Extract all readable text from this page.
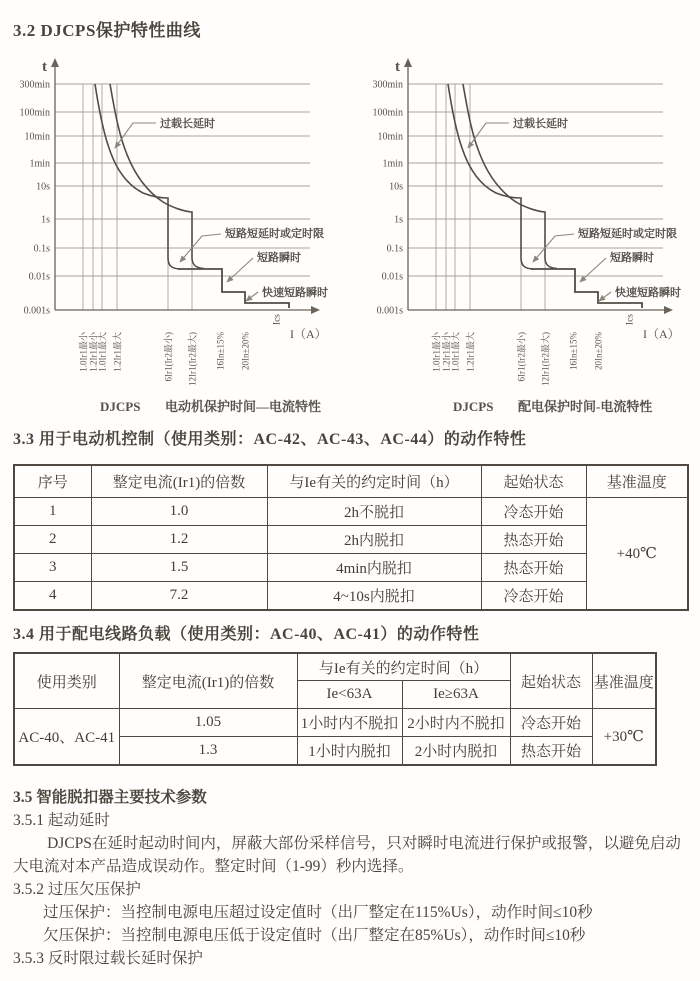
3.2 DJCPS保护特性曲线
t
I（A）
300min
100min
10min
1min
10s
1s
0.1s
0.01s
0.001s
1.0Ir1最小 1.2Ir1最小 1.0Ir1最大 1.2Ir1最大	6Ir1(Ir2最小) 12Ir1(Ir2最大) 16In±15% 20In±20%
Ics
过载长延时
短路短延时或定时限
短路瞬时
快速短路瞬时
DJCPS 电动机保护时间—电流特性
t
I（A）
300min
100min
10min
1min
10s
1s
0.1s
0.01s
0.001s
1.0Ir1最小 1.2Ir1最小 1.0Ir1最大 1.2Ir1最大	6Ir1(Ir2最小) 12Ir1(Ir2最大) 16In±15% 20In±20%
Ics
过载长延时
短路短延时或定时限
短路瞬时
快速短路瞬时
DJCPS 配电保护时间-电流特性
3.3 用于电动机控制（使用类别：AC-42、AC-43、AC-44）的动作特性
序号	整定电流(Ir1)的倍数	与Ie有关的约定时间（h）	起始状态	基准温度
1	1.0	2h不脱扣	冷态开始	+40℃
2	1.2	2h内脱扣	热态开始	
3	1.5	4min内脱扣	热态开始	
4	7.2	4~10s内脱扣	冷态开始	
3.4 用于配电线路负载（使用类别：AC-40、AC-41）的动作特性
使用类别	整定电流(Ir1)的倍数	与Ie有关的约定时间（h）		起始状态	基准温度
		Ie<63A	Ie≥63A		
AC-40、AC-41	1.05	1小时内不脱扣	2小时内不脱扣	冷态开始	+30℃
	1.3	1小时内脱扣	2小时内脱扣	热态开始	
3.5 智能脱扣器主要技术参数
3.5.1 起动延时

DJCPS在延时起动时间内，屏蔽大部份采样信号，只对瞬时电流进行保护或报警，以避免启动大电流对本产品造成误动作。整定时间（1-99）秒内选择。

3.5.2 过压欠压保护
过压保护：当控制电源电压超过设定值时（出厂整定在115%Us），动作时间≤10秒
欠压保护：当控制电源电压低于设定值时（出厂整定在85%Us），动作时间≤10秒
3.5.3 反时限过载长延时保护
